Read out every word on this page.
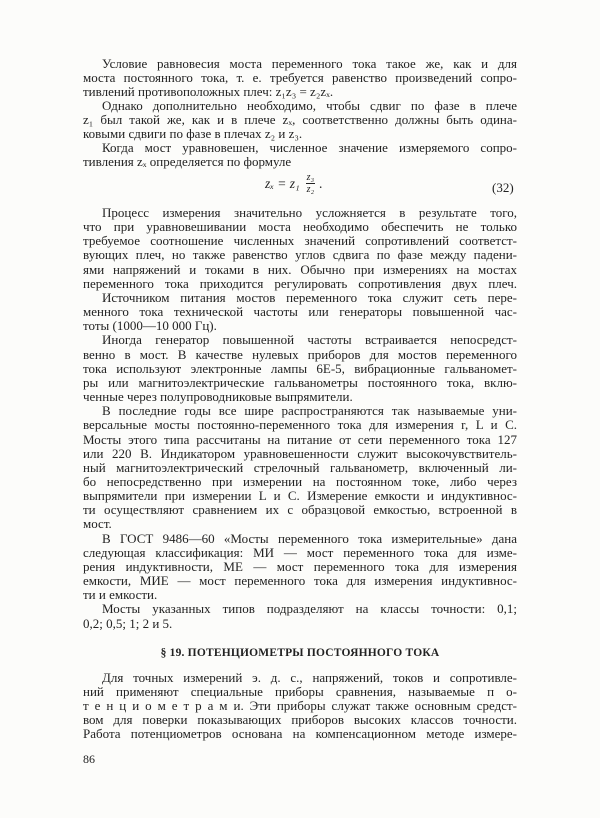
Условие равновесия моста переменного тока такое же, как и для
моста постоянного тока, т. е. требуется равенство произведений сопро-
тивлений противоположных плеч: z₁z₃ = z₂zₓ.
Однако дополнительно необходимо, чтобы сдвиг по фазе в плече
z₁ был такой же, как и в плече zₓ, соответственно должны быть одина-
ковыми сдвиги по фазе в плечах z₂ и z₃.
Когда мост уравновешен, численное значение измеряемого сопро-
тивления zₓ определяется по формуле
$z_x = z_1 \frac{\text{z₃}}{\text{z₂}}$ .	(32)
Процесс измерения значительно усложняется в результате того,
что при уравновешивании моста необходимо обеспечить не только
требуемое соотношение численных значений сопротивлений соответст-
вующих плеч, но также равенство углов сдвига по фазе между падени-
ями напряжений и токами в них. Обычно при измерениях на мостах
переменного тока приходится регулировать сопротивления двух плеч.
Источником питания мостов переменного тока служит сеть пере-
менного тока технической частоты или генераторы повышенной час-
тоты (1000—10 000 Гц).
Иногда генератор повышенной частоты встраивается непосредст-
венно в мост. В качестве нулевых приборов для мостов переменного
тока используют электронные лампы 6Е-5, вибрационные гальваномет-
ры или магнитоэлектрические гальванометры постоянного тока, вклю-
ченные через полупроводниковые выпрямители.
В последние годы все шире распространяются так называемые уни-
версальные мосты постоянно-переменного тока для измерения r, L и C.
Мосты этого типа рассчитаны на питание от сети переменного тока 127
или 220 В. Индикатором уравновешенности служит высокочувствитель-
ный магнитоэлектрический стрелочный гальванометр, включенный ли-
бо непосредственно при измерении на постоянном токе, либо через
выпрямители при измерении L и C. Измерение емкости и индуктивнос-
ти осуществляют сравнением их с образцовой емкостью, встроенной в
мост.
В ГОСТ 9486—60 «Мосты переменного тока измерительные» дана
следующая классификация: МИ — мост переменного тока для изме-
рения индуктивности, МЕ — мост переменного тока для измерения
емкости, МИЕ — мост переменного тока для измерения индуктивнос-
ти и емкости.
Мосты указанных типов подразделяют на классы точности: 0,1;
0,2; 0,5; 1; 2 и 5.
§ 19. ПОТЕНЦИОМЕТРЫ ПОСТОЯННОГО ТОКА
Для точных измерений э. д. с., напряжений, токов и сопротивле-
ний применяют специальные приборы сравнения, называемые п о-
т е н ц и о м е т р а м и. Эти приборы служат также основным средст-
вом для поверки показывающих приборов высоких классов точности.
Работа потенциометров основана на компенсационном методе измере-
86
